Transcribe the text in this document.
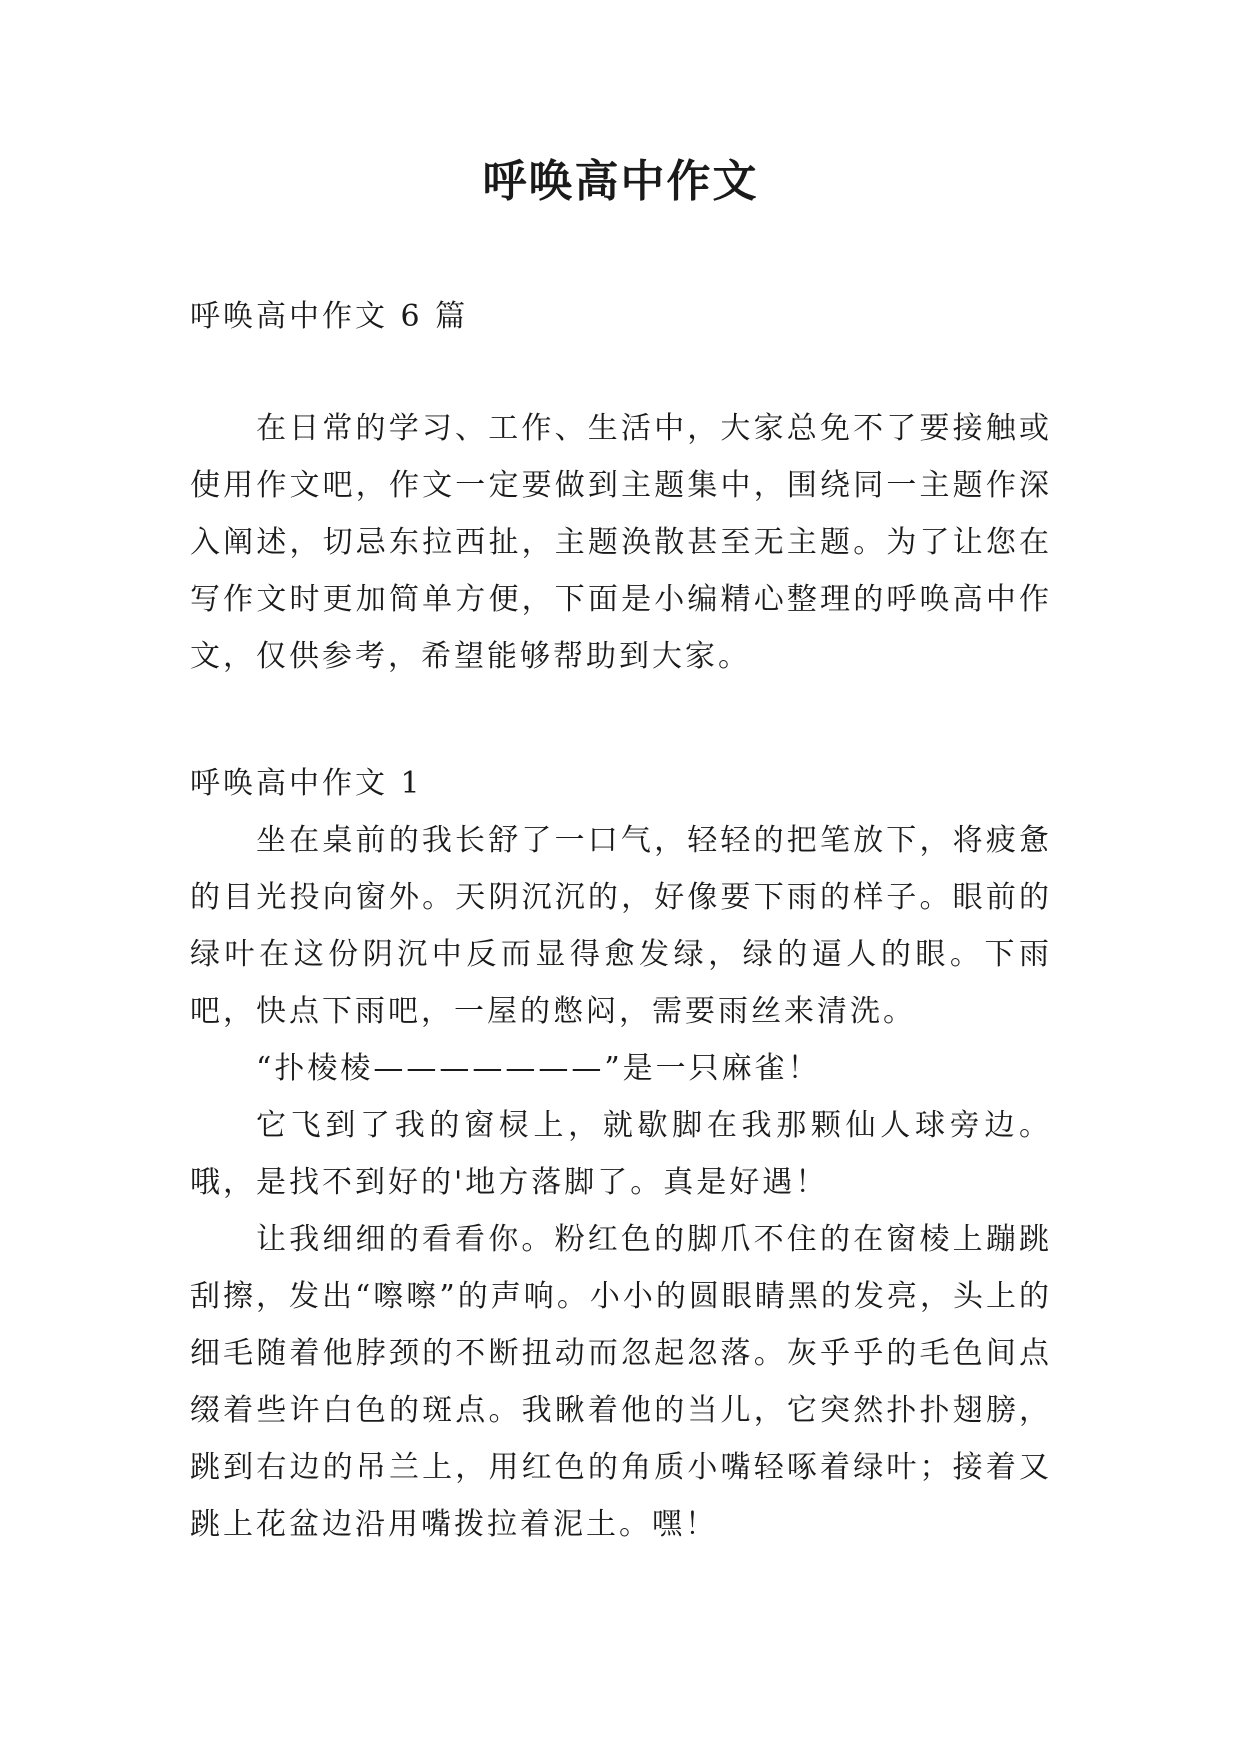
呼唤高中作文

呼唤高中作文 6 篇

在日常的学习、工作、生活中，大家总免不了要接触或使用作文吧，作文一定要做到主题集中，围绕同一主题作深入阐述，切忌东拉西扯，主题涣散甚至无主题。为了让您在写作文时更加简单方便，下面是小编精心整理的呼唤高中作文，仅供参考，希望能够帮助到大家。

呼唤高中作文 1

坐在桌前的我长舒了一口气，轻轻的把笔放下，将疲惫的目光投向窗外。天阴沉沉的，好像要下雨的样子。眼前的绿叶在这份阴沉中反而显得愈发绿，绿的逼人的眼。下雨吧，快点下雨吧，一屋的憋闷，需要雨丝来清洗。

“扑棱棱———————”是一只麻雀！

它飞到了我的窗棂上，就歇脚在我那颗仙人球旁边。哦，是找不到好的'地方落脚了。真是好遇！

让我细细的看看你。粉红色的脚爪不住的在窗棱上蹦跳刮擦，发出“嚓嚓”的声响。小小的圆眼睛黑的发亮，头上的细毛随着他脖颈的不断扭动而忽起忽落。灰乎乎的毛色间点缀着些许白色的斑点。我瞅着他的当儿，它突然扑扑翅膀，跳到右边的吊兰上，用红色的角质小嘴轻啄着绿叶；接着又跳上花盆边沿用嘴拨拉着泥土。嘿！
